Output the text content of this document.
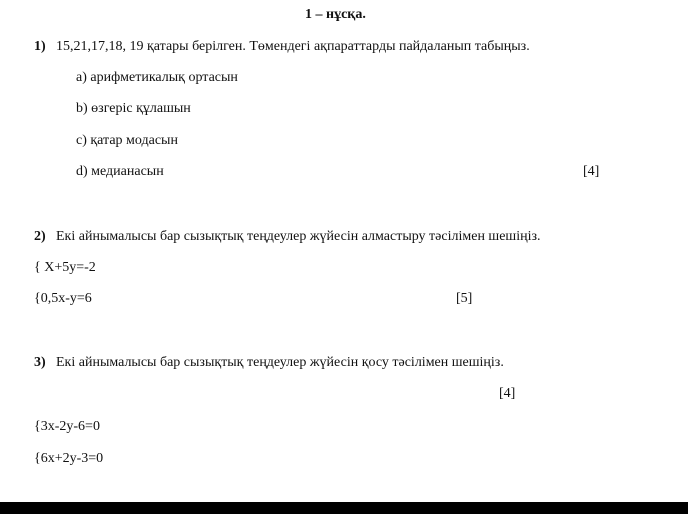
1 – нұсқа.
1) 15,21,17,18, 19 қатары берілген. Төмендегі ақпараттарды пайдаланып табыңыз.
a) арифметикалық ортасын
b) өзгеріс құлашын
c) қатар модасын
d) медианасын	[4]
2) Екі айнымалысы бар сызықтық теңдеулер жүйесін алмастыру тәсілімен шешіңіз.
{ X+5y=-2
{0,5x-y=6	[5]
3) Екі айнымалысы бар сызықтық теңдеулер жүйесін қосу тәсілімен шешіңіз.
[4]
{3x-2y-6=0
{6x+2y-3=0
